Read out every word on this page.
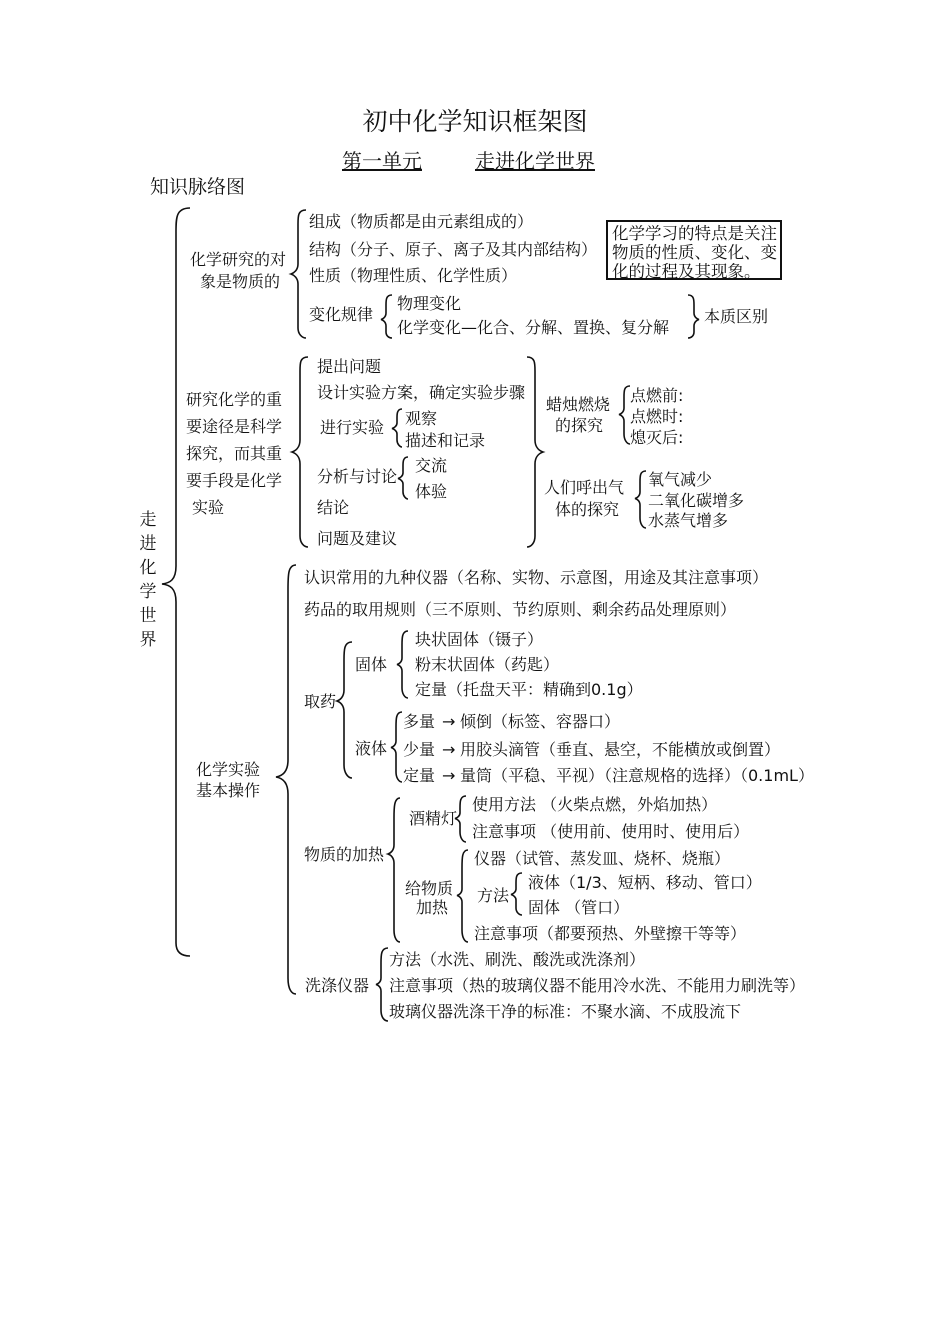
初中化学知识框架图
第一单元	走进化学世界
知识脉络图
走进化学世界
化学研究的对
象是物质的
组成（物质都是由元素组成的）
结构（分子、原子、离子及其内部结构）
性质（物理性质、化学性质）
变化规律
物理变化
化学变化—化合、分解、置换、复分解
本质区别
化学学习的特点是关注物质的性质、变化、变化的过程及其现象。
研究化学的重
要途径是科学
探究，而其重
要手段是化学
实验
提出问题
设计实验方案，确定实验步骤
进行实验 观察
描述和记录
分析与讨论
交流
体验
结论
问题及建议
蜡烛燃烧
的探究
点燃前:
点燃时:
熄灭后:
人们呼出气
体的探究
氧气减少
二氧化碳增多
水蒸气增多
化学实验
基本操作
认识常用的九种仪器（名称、实物、示意图，用途及其注意事项）
药品的取用规则（三不原则、节约原则、剩余药品处理原则）
取药
固体
块状固体（镊子）
粉末状固体（药匙）
定量（托盘天平：精确到0.1g）
液体
多量 → 倾倒（标签、容器口）
少量 → 用胶头滴管（垂直、悬空，不能横放或倒置）
定量 → 量筒（平稳、平视）（注意规格的选择）（0.1mL）
物质的加热
酒精灯
使用方法 （火柴点燃，外焰加热）
注意事项 （使用前、使用时、使用后）
给物质
加热
仪器（试管、蒸发皿、烧杯、烧瓶）
方法
液体（1/3、短柄、移动、管口）
固体 （管口）
注意事项（都要预热、外壁擦干等等）
洗涤仪器
方法（水洗、刷洗、酸洗或洗涤剂）
注意事项（热的玻璃仪器不能用冷水洗、不能用力刷洗等）
玻璃仪器洗涤干净的标准：不聚水滴、不成股流下
